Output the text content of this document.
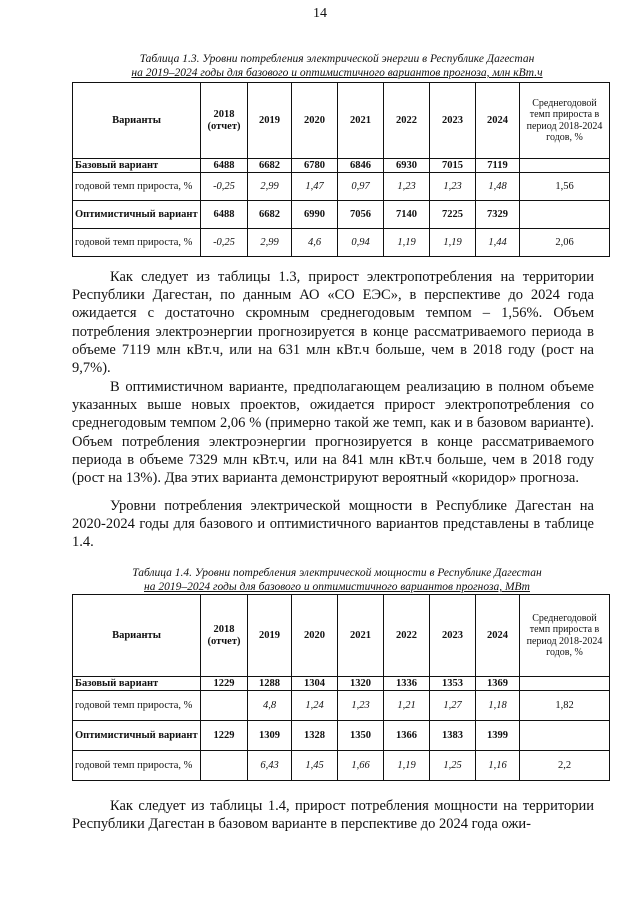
14
Таблица 1.3. Уровни потребления электрической энергии в Республике Дагестан
на 2019–2024 годы для базового и оптимистичного вариантов прогноза, млн кВт.ч
Варианты	2018 (отчет)	2019	2020	2021	2022	2023	2024	Среднегодовой темп прироста в период 2018-2024 годов, %
Базовый вариант	6488	6682	6780	6846	6930	7015	7119	
годовой темп прироста, %	-0,25	2,99	1,47	0,97	1,23	1,23	1,48	1,56
Оптимистичный вариант	6488	6682	6990	7056	7140	7225	7329	
годовой темп прироста, %	-0,25	2,99	4,6	0,94	1,19	1,19	1,44	2,06

Как следует из таблицы 1.3, прирост электропотребления на территории Республики Дагестан, по данным АО «СО ЕЭС», в перспективе до 2024 года ожидается с достаточно скромным среднегодовым темпом – 1,56%. Объем потребления электроэнергии прогнозируется в конце рассматриваемого периода в объеме 7119 млн кВт.ч, или на 631 млн кВт.ч больше, чем в 2018 году (рост на 9,7%).

В оптимистичном варианте, предполагающем реализацию в полном объеме указанных выше новых проектов, ожидается прирост электропотребления со среднегодовым темпом 2,06 % (примерно такой же темп, как и в базовом варианте). Объем потребления электроэнергии прогнозируется в конце рассматриваемого периода в объеме 7329 млн кВт.ч, или на 841 млн кВт.ч больше, чем в 2018 году (рост на 13%). Два этих варианта демонстрируют вероятный «коридор» прогноза.

Уровни потребления электрической мощности в Республике Дагестан на 2020-2024 годы для базового и оптимистичного вариантов представлены в таблице 1.4.

Таблица 1.4. Уровни потребления электрической мощности в Республике Дагестан
на 2019–2024 годы для базового и оптимистичного вариантов прогноза, МВт
Варианты	2018 (отчет)	2019	2020	2021	2022	2023	2024	Среднегодовой темп прироста в период 2018-2024 годов, %
Базовый вариант	1229	1288	1304	1320	1336	1353	1369	
годовой темп прироста, %		4,8	1,24	1,23	1,21	1,27	1,18	1,82
Оптимистичный вариант	1229	1309	1328	1350	1366	1383	1399	
годовой темп прироста, %		6,43	1,45	1,66	1,19	1,25	1,16	2,2

Как следует из таблицы 1.4, прирост потребления мощности на территории Республики Дагестан в базовом варианте в перспективе до 2024 года ожи-
